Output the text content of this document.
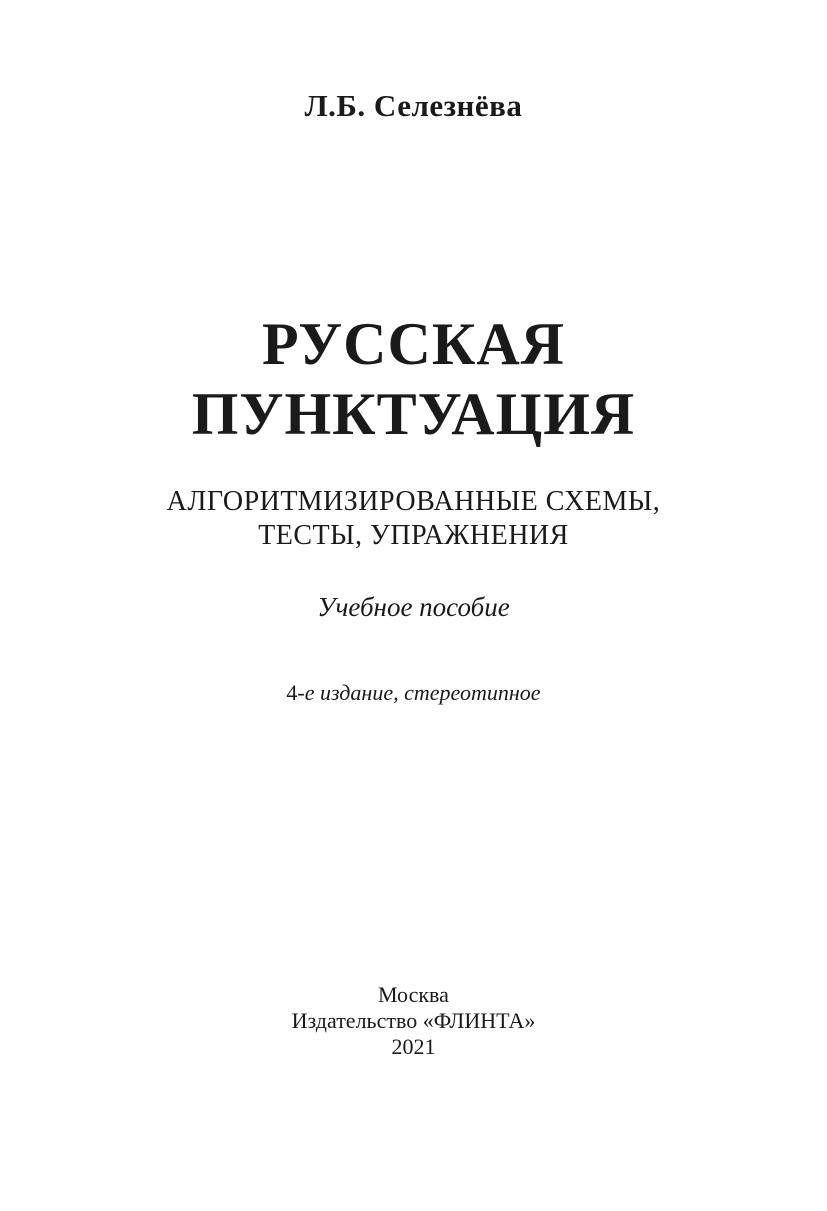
Л.Б. Селезнёва
РУССКАЯ
ПУНКТУАЦИЯ
АЛГОРИТМИЗИРОВАННЫЕ СХЕМЫ,
ТЕСТЫ, УПРАЖНЕНИЯ
Учебное пособие
4-е издание, стереотипное
Москва
Издательство «ФЛИНТА»
2021
